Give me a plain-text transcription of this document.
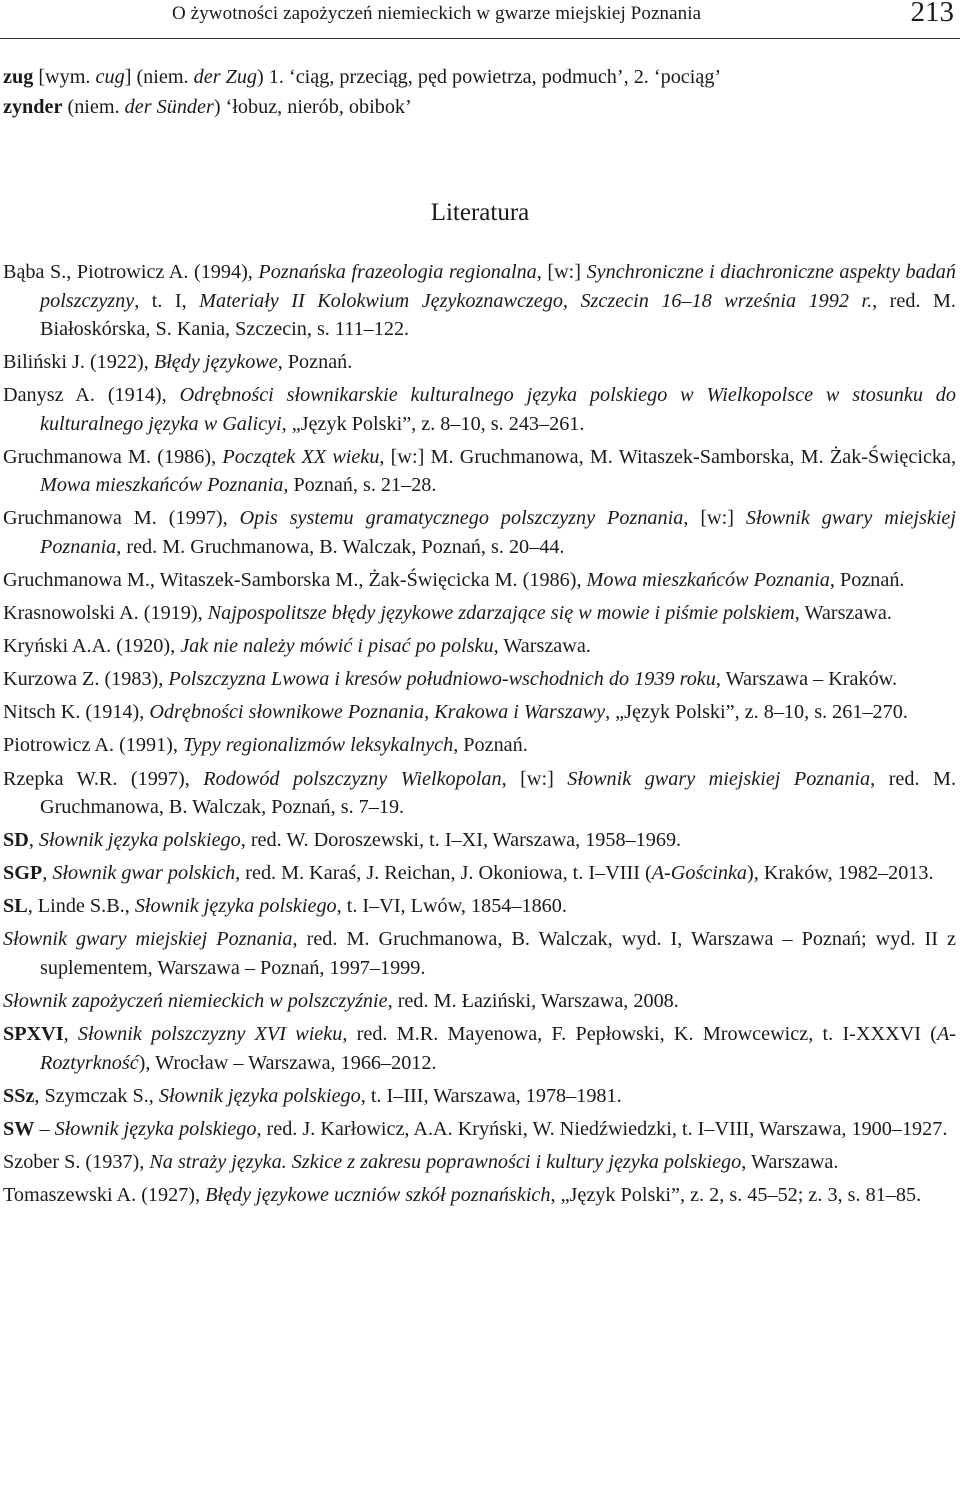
O żywotności zapożyczeń niemieckich w gwarze miejskiej Poznania	213
zug [wym. cug] (niem. der Zug) 1. ‘ciąg, przeciąg, pęd powietrza, podmuch’, 2. ‘pociąg’
zynder (niem. der Sünder) ‘łobuz, nierób, obibok’
Literatura
Bąba S., Piotrowicz A. (1994), Poznańska frazeologia regionalna, [w:] Synchroniczne i diachroniczne aspekty badań polszczyzny, t. I, Materiały II Kolokwium Językoznawczego, Szczecin 16–18 września 1992 r., red. M. Białoskórska, S. Kania, Szczecin, s. 111–122.
Biliński J. (1922), Błędy językowe, Poznań.
Danysz A. (1914), Odrębności słownikarskie kulturalnego języka polskiego w Wielkopolsce w stosunku do kulturalnego języka w Galicyi, „Język Polski”, z. 8–10, s. 243–261.
Gruchmanowa M. (1986), Początek XX wieku, [w:] M. Gruchmanowa, M. Witaszek-Samborska, M. Żak-Święcicka, Mowa mieszkańców Poznania, Poznań, s. 21–28.
Gruchmanowa M. (1997), Opis systemu gramatycznego polszczyzny Poznania, [w:] Słownik gwary miejskiej Poznania, red. M. Gruchmanowa, B. Walczak, Poznań, s. 20–44.
Gruchmanowa M., Witaszek-Samborska M., Żak-Święcicka M. (1986), Mowa mieszkańców Poznania, Poznań.
Krasnowolski A. (1919), Najpospolitsze błędy językowe zdarzające się w mowie i piśmie polskiem, Warszawa.
Kryński A.A. (1920), Jak nie należy mówić i pisać po polsku, Warszawa.
Kurzowa Z. (1983), Polszczyzna Lwowa i kresów południowo-wschodnich do 1939 roku, Warszawa – Kraków.
Nitsch K. (1914), Odrębności słownikowe Poznania, Krakowa i Warszawy, „Język Polski”, z. 8–10, s. 261–270.
Piotrowicz A. (1991), Typy regionalizmów leksykalnych, Poznań.
Rzepka W.R. (1997), Rodowód polszczyzny Wielkopolan, [w:] Słownik gwary miejskiej Poznania, red. M. Gruchmanowa, B. Walczak, Poznań, s. 7–19.
SD, Słownik języka polskiego, red. W. Doroszewski, t. I–XI, Warszawa, 1958–1969.
SGP, Słownik gwar polskich, red. M. Karaś, J. Reichan, J. Okoniowa, t. I–VIII (A-Gościnka), Kraków, 1982–2013.
SL, Linde S.B., Słownik języka polskiego, t. I–VI, Lwów, 1854–1860.
Słownik gwary miejskiej Poznania, red. M. Gruchmanowa, B. Walczak, wyd. I, Warszawa – Poznań; wyd. II z suplementem, Warszawa – Poznań, 1997–1999.
Słownik zapożyczeń niemieckich w polszczyźnie, red. M. Łaziński, Warszawa, 2008.
SPXVI, Słownik polszczyzny XVI wieku, red. M.R. Mayenowa, F. Pepłowski, K. Mrowcewicz, t. I-XXXVI (A-Roztyrkność), Wrocław – Warszawa, 1966–2012.
SSz, Szymczak S., Słownik języka polskiego, t. I–III, Warszawa, 1978–1981.
SW – Słownik języka polskiego, red. J. Karłowicz, A.A. Kryński, W. Niedźwiedzki, t. I–VIII, Warszawa, 1900–1927.
Szober S. (1937), Na straży języka. Szkice z zakresu poprawności i kultury języka polskiego, Warszawa.
Tomaszewski A. (1927), Błędy językowe uczniów szkół poznańskich, „Język Polski”, z. 2, s. 45–52; z. 3, s. 81–85.
